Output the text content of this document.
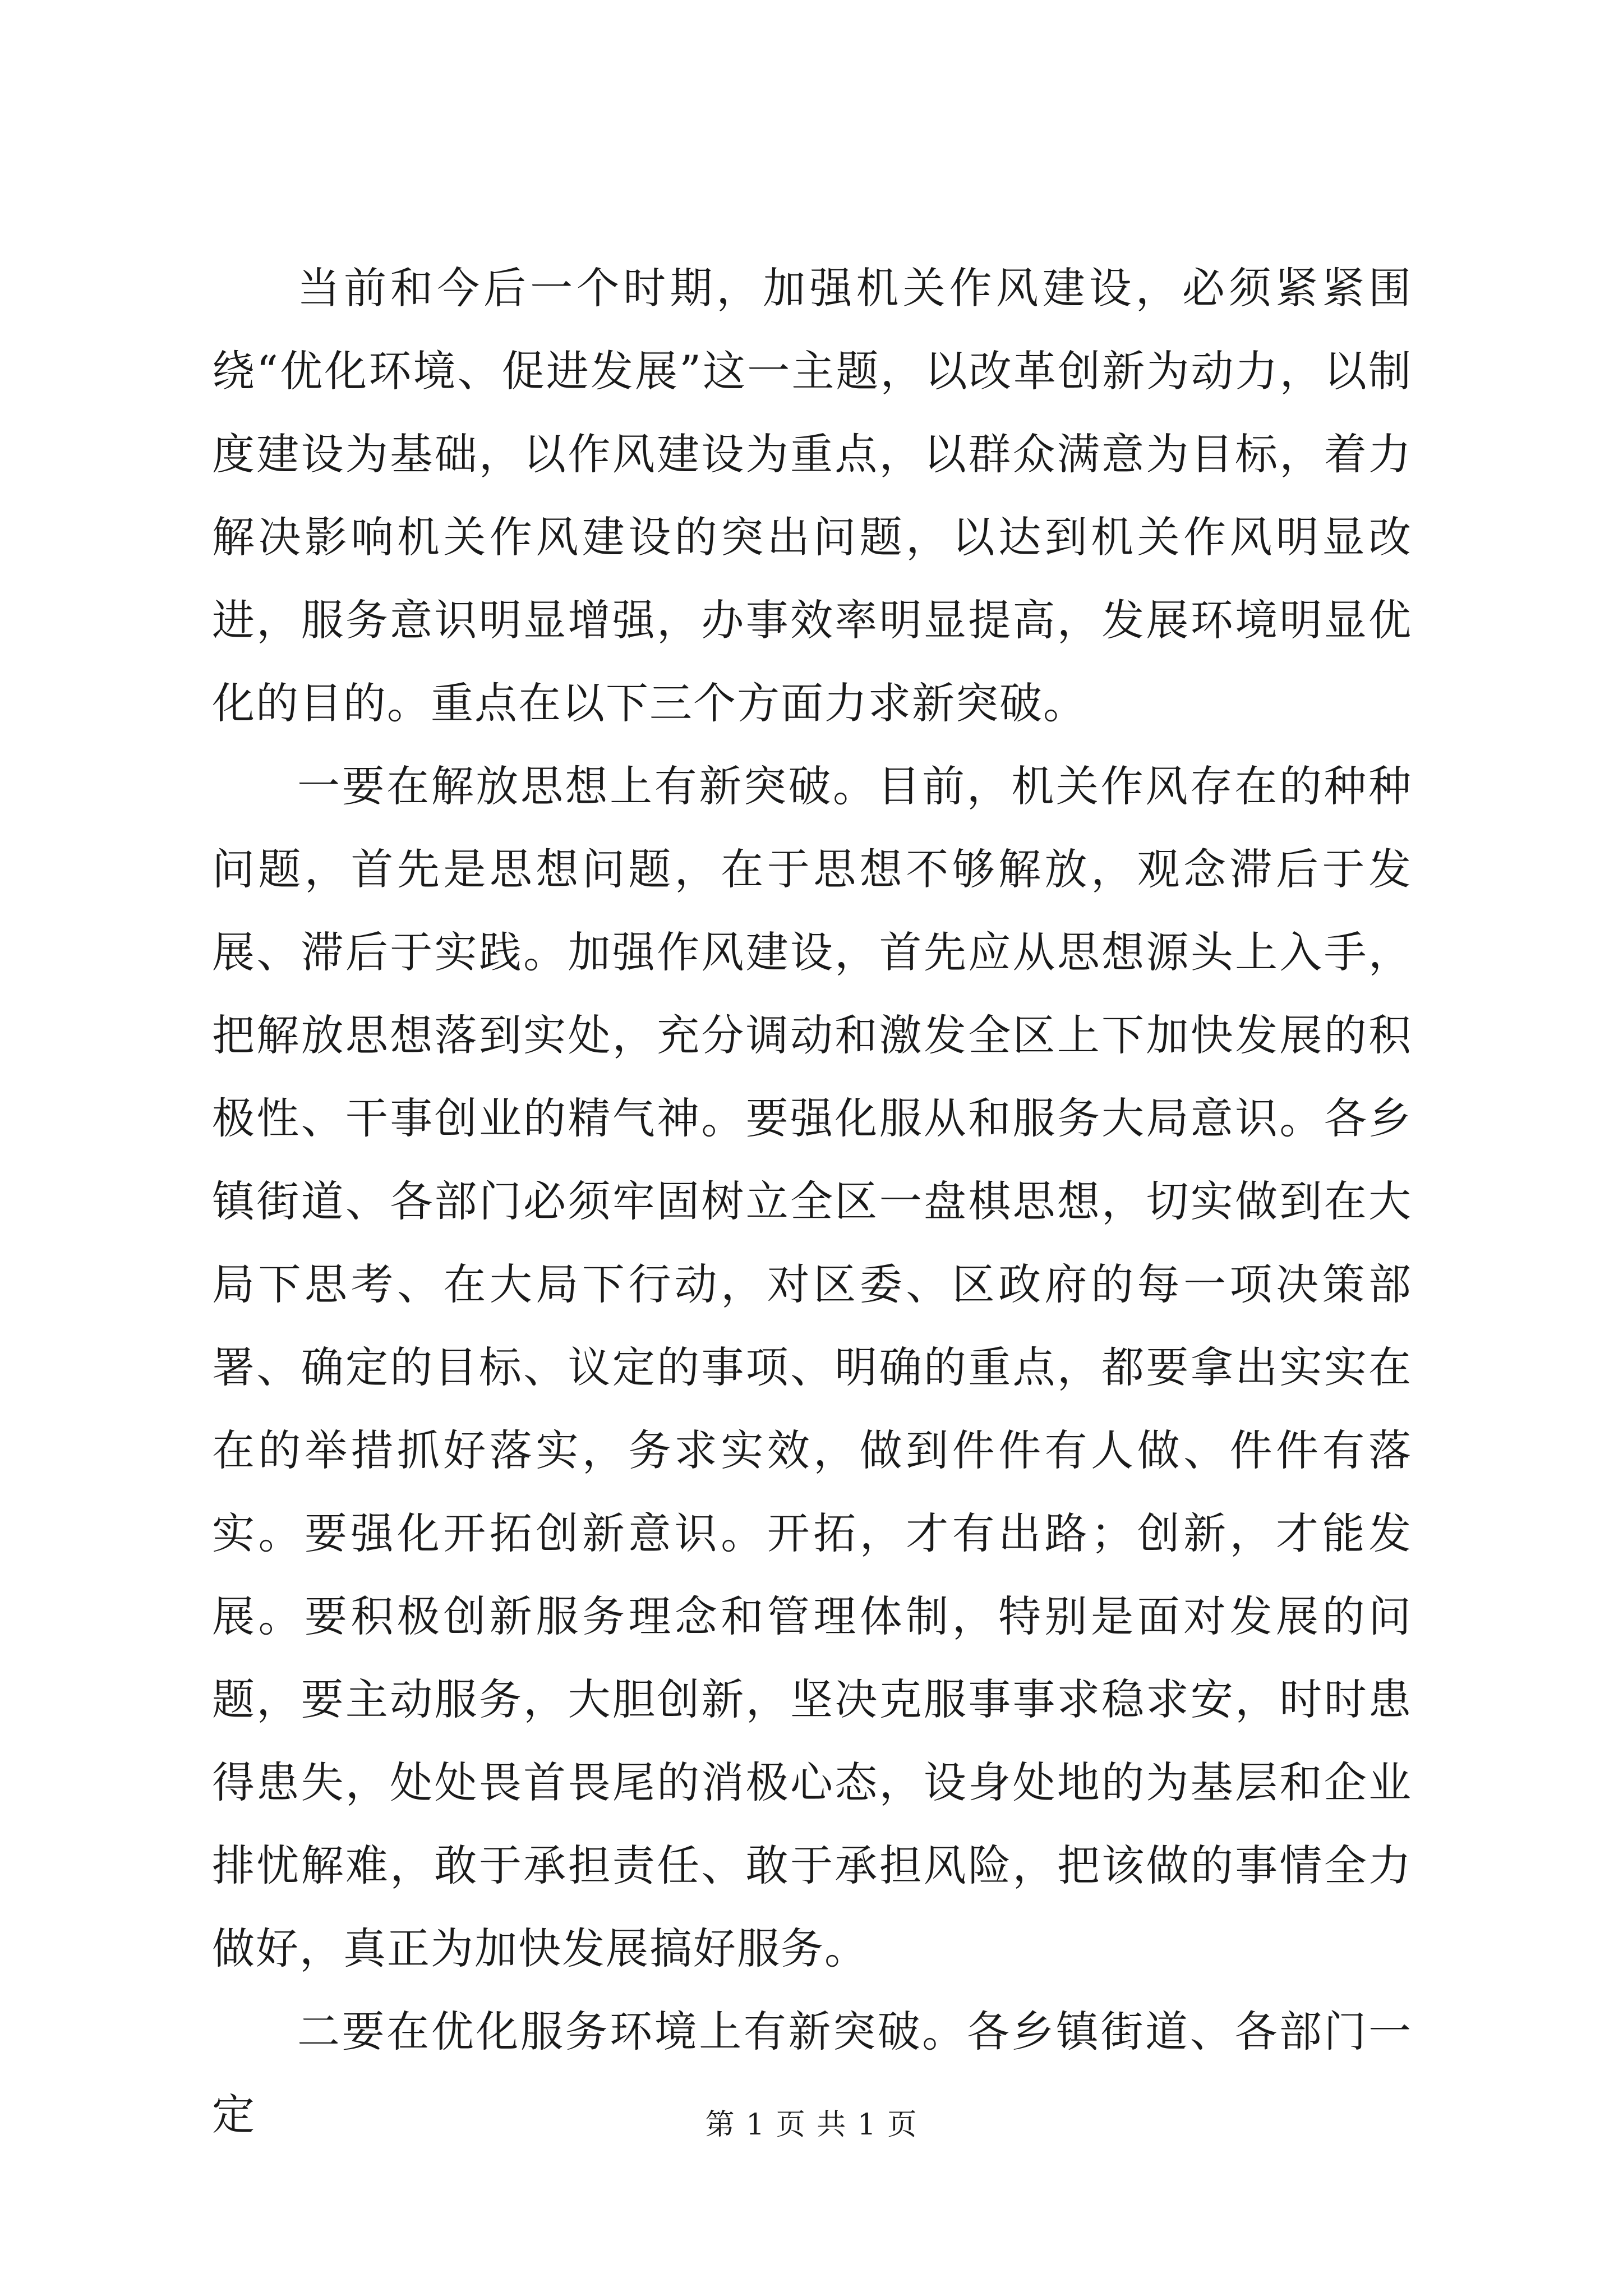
当前和今后一个时期，加强机关作风建设，必须紧紧围绕“优化环境、促进发展”这一主题，以改革创新为动力，以制度建设为基础，以作风建设为重点，以群众满意为目标，着力解决影响机关作风建设的突出问题，以达到机关作风明显改进，服务意识明显增强，办事效率明显提高，发展环境明显优化的目的。重点在以下三个方面力求新突破。

一要在解放思想上有新突破。目前，机关作风存在的种种问题，首先是思想问题，在于思想不够解放，观念滞后于发展、滞后于实践。加强作风建设，首先应从思想源头上入手，把解放思想落到实处，充分调动和激发全区上下加快发展的积极性、干事创业的精气神。要强化服从和服务大局意识。各乡镇街道、各部门必须牢固树立全区一盘棋思想，切实做到在大局下思考、在大局下行动，对区委、区政府的每一项决策部署、确定的目标、议定的事项、明确的重点，都要拿出实实在在的举措抓好落实，务求实效，做到件件有人做、件件有落实。要强化开拓创新意识。开拓，才有出路；创新，才能发展。要积极创新服务理念和管理体制，特别是面对发展的问题，要主动服务，大胆创新，坚决克服事事求稳求安，时时患得患失，处处畏首畏尾的消极心态，设身处地的为基层和企业排忧解难，敢于承担责任、敢于承担风险，把该做的事情全力做好，真正为加快发展搞好服务。

二要在优化服务环境上有新突破。各乡镇街道、各部门一定	第 1 页 共 1 页
